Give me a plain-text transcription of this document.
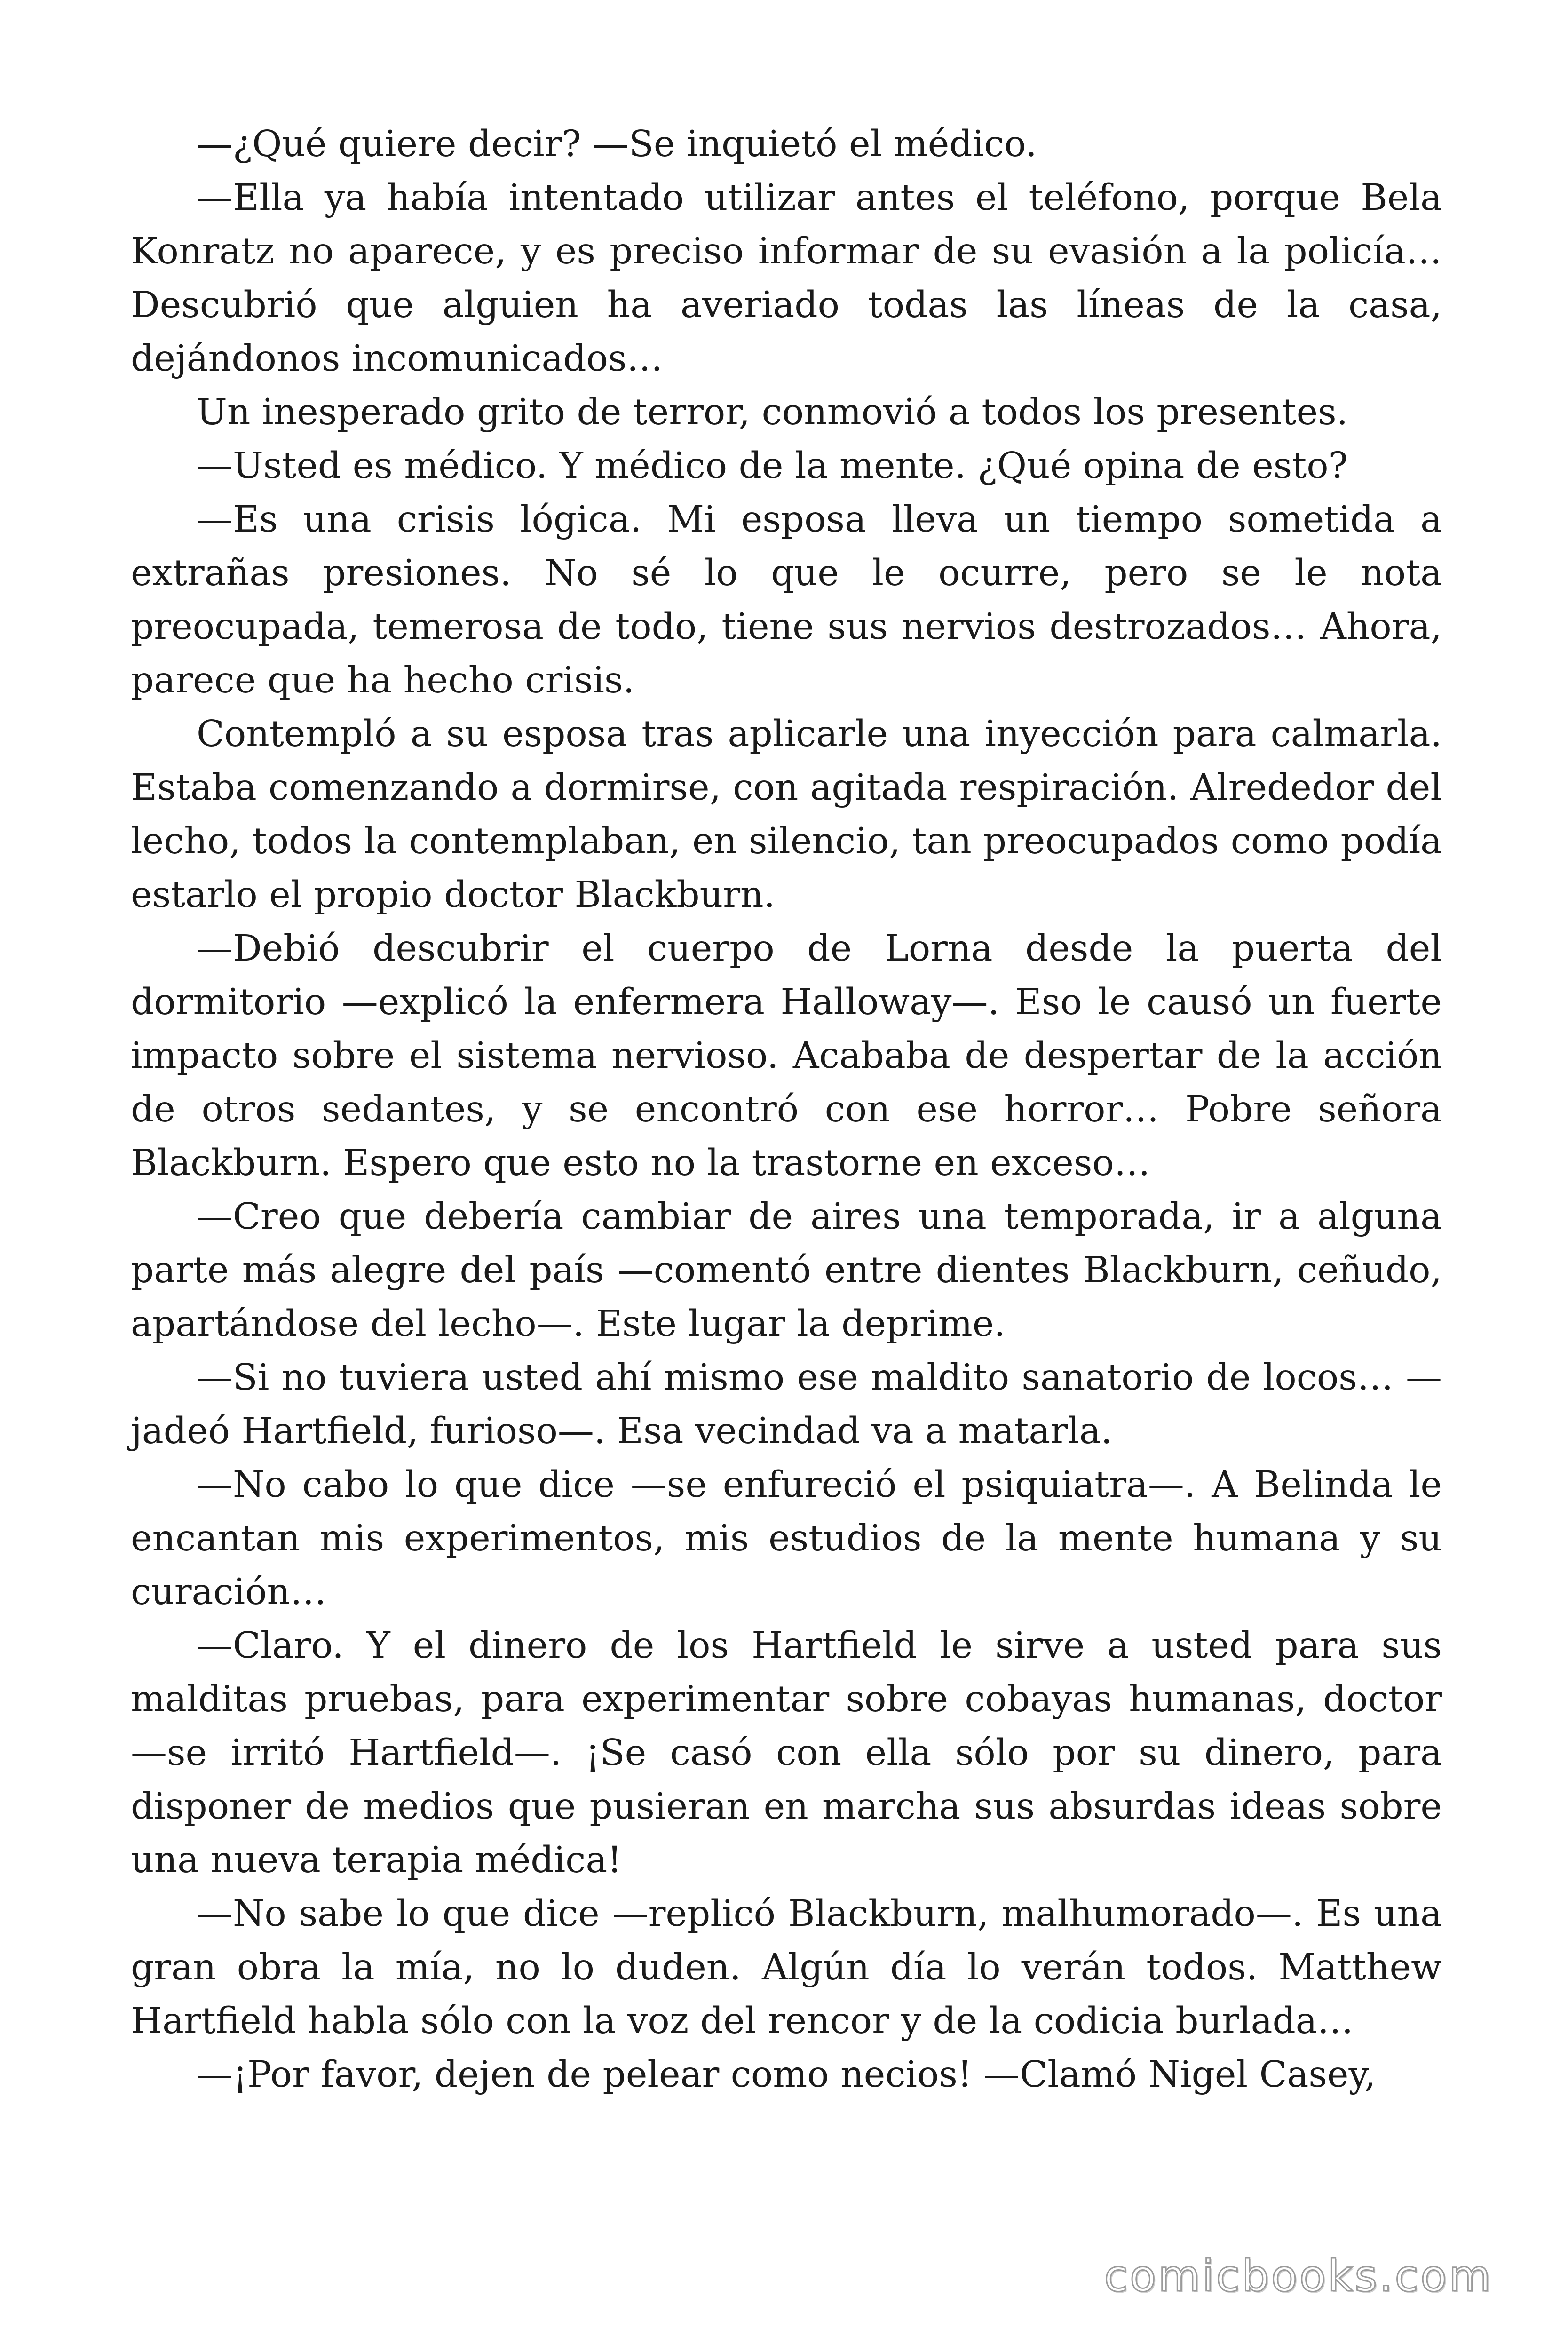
—¿Qué quiere decir? —Se inquietó el médico.

—Ella ya había intentado utilizar antes el teléfono, porque Bela Konratz no aparece, y es preciso informar de su evasión a la policía… Descubrió que alguien ha averiado todas las líneas de la casa, dejándonos incomunicados…

Un inesperado grito de terror, conmovió a todos los presentes.

—Usted es médico. Y médico de la mente. ¿Qué opina de esto?

—Es una crisis lógica. Mi esposa lleva un tiempo sometida a extrañas presiones. No sé lo que le ocurre, pero se le nota preocupada, temerosa de todo, tiene sus nervios destrozados… Ahora, parece que ha hecho crisis.

Contempló a su esposa tras aplicarle una inyección para calmarla. Estaba comenzando a dormirse, con agitada respiración. Alrededor del lecho, todos la contemplaban, en silencio, tan preocupados como podía estarlo el propio doctor Blackburn.

—Debió descubrir el cuerpo de Lorna desde la puerta del dormitorio —explicó la enfermera Halloway—. Eso le causó un fuerte impacto sobre el sistema nervioso. Acababa de despertar de la acción de otros sedantes, y se encontró con ese horror… Pobre señora Blackburn. Espero que esto no la trastorne en exceso…

—Creo que debería cambiar de aires una temporada, ir a alguna parte más alegre del país —comentó entre dientes Blackburn, ceñudo, apartándose del lecho—. Este lugar la deprime.

—Si no tuviera usted ahí mismo ese maldito sanatorio de locos… —jadeó Hartfield, furioso—. Esa vecindad va a matarla.

—No cabo lo que dice —se enfureció el psiquiatra—. A Belinda le encantan mis experimentos, mis estudios de la mente humana y su curación…

—Claro. Y el dinero de los Hartfield le sirve a usted para sus malditas pruebas, para experimentar sobre cobayas humanas, doctor —se irritó Hartfield—. ¡Se casó con ella sólo por su dinero, para disponer de medios que pusieran en marcha sus absurdas ideas sobre una nueva terapia médica!

—No sabe lo que dice —replicó Blackburn, malhumorado—. Es una gran obra la mía, no lo duden. Algún día lo verán todos. Matthew Hartfield habla sólo con la voz del rencor y de la codicia burlada…

—¡Por favor, dejen de pelear como necios! —Clamó Nigel Casey,

comicbooks.com
